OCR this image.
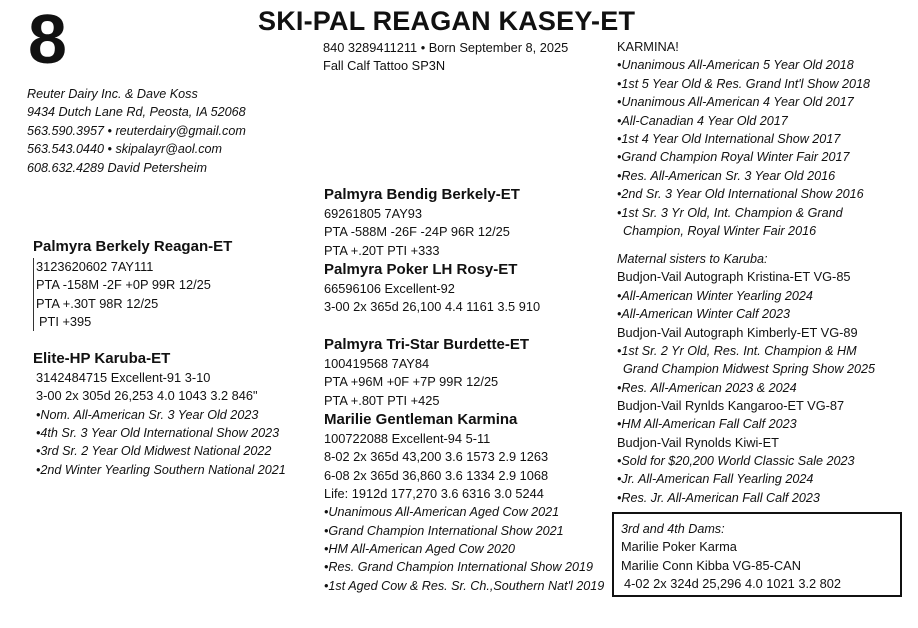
8	SKI-PAL REAGAN KASEY-ET
840 3289411211 • Born September 8, 2025
Fall Calf Tattoo SP3N
Reuter Dairy Inc. & Dave Koss
9434 Dutch Lane Rd, Peosta, IA 52068
563.590.3957 • reuterdairy@gmail.com
563.543.0440 • skipalayr@aol.com
608.632.4289 David Petersheim
Palmyra Berkely Reagan-ET
3123620602 7AY111
PTA -158M -2F +0P 99R 12/25
PTA +.30T 98R 12/25
PTI +395
Elite-HP Karuba-ET
3142484715 Excellent-91 3-10
3-00 2x 305d 26,253 4.0 1043 3.2 846"
•Nom. All-American Sr. 3 Year Old 2023
•4th Sr. 3 Year Old International Show 2023
•3rd Sr. 2 Year Old Midwest National 2022
•2nd Winter Yearling Southern National 2021
Palmyra Bendig Berkely-ET
69261805 7AY93
PTA -588M -26F -24P 96R 12/25
PTA +.20T PTI +333
Palmyra Poker LH Rosy-ET
66596106 Excellent-92
3-00 2x 365d 26,100 4.4 1161 3.5 910
Palmyra Tri-Star Burdette-ET
100419568 7AY84
PTA +96M +0F +7P 99R 12/25
PTA +.80T PTI +425
Marilie Gentleman Karmina
100722088 Excellent-94 5-11
8-02 2x 365d 43,200 3.6 1573 2.9 1263
6-08 2x 365d 36,860 3.6 1334 2.9 1068
Life: 1912d 177,270 3.6 6316 3.0 5244
•Unanimous All-American Aged Cow 2021
•Grand Champion International Show 2021
•HM All-American Aged Cow 2020
•Res. Grand Champion International Show 2019
•1st Aged Cow & Res. Sr. Ch.,Southern Nat'l 2019
KARMINA!
•Unanimous All-American 5 Year Old 2018
•1st 5 Year Old & Res. Grand Int'l Show 2018
•Unanimous All-American 4 Year Old 2017
•All-Canadian 4 Year Old 2017
•1st 4 Year Old International Show 2017
•Grand Champion Royal Winter Fair 2017
•Res. All-American Sr. 3 Year Old 2016
•2nd Sr. 3 Year Old International Show 2016
•1st Sr. 3 Yr Old, Int. Champion & Grand
Champion, Royal Winter Fair 2016
Maternal sisters to Karuba:
Budjon-Vail Autograph Kristina-ET VG-85
•All-American Winter Yearling 2024
•All-American Winter Calf 2023
Budjon-Vail Autograph Kimberly-ET VG-89
•1st Sr. 2 Yr Old, Res. Int. Champion & HM
Grand Champion Midwest Spring Show 2025
•Res. All-American 2023 & 2024
Budjon-Vail Rynlds Kangaroo-ET VG-87
•HM All-American Fall Calf 2023
Budjon-Vail Rynolds Kiwi-ET
•Sold for $20,200 World Classic Sale 2023
•Jr. All-American Fall Yearling 2024
•Res. Jr. All-American Fall Calf 2023
3rd and 4th Dams:
Marilie Poker Karma
Marilie Conn Kibba VG-85-CAN
4-02 2x 324d 25,296 4.0 1021 3.2 802
